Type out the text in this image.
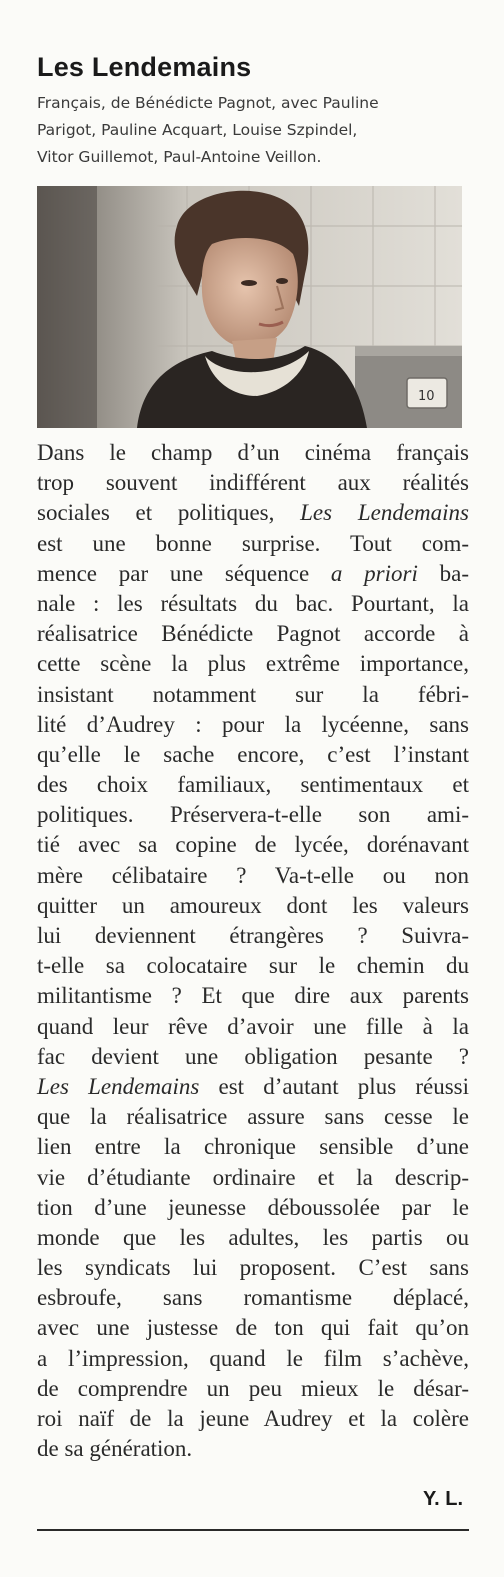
Les Lendemains

Français, de Bénédicte Pagnot, avec Pauline
Parigot, Pauline Acquart, Louise Szpindel,
Vitor Guillemot, Paul-Antoine Veillon.

10
Dans le champ d’un cinéma français
trop souvent indifférent aux réalités
sociales et politiques, Les Lendemains
est une bonne surprise. Tout com-
mence par une séquence a priori ba-
nale : les résultats du bac. Pourtant, la
réalisatrice Bénédicte Pagnot accorde à
cette scène la plus extrême importance,
insistant notamment sur la fébri-
lité d’Audrey : pour la lycéenne, sans
qu’elle le sache encore, c’est l’instant
des choix familiaux, sentimentaux et
politiques. Préservera-t-elle son ami-
tié avec sa copine de lycée, dorénavant
mère célibataire ? Va-t-elle ou non
quitter un amoureux dont les valeurs
lui deviennent étrangères ? Suivra-
t-elle sa colocataire sur le chemin du
militantisme ? Et que dire aux parents
quand leur rêve d’avoir une fille à la
fac devient une obligation pesante ?
Les Lendemains est d’autant plus réussi
que la réalisatrice assure sans cesse le
lien entre la chronique sensible d’une
vie d’étudiante ordinaire et la descrip-
tion d’une jeunesse déboussolée par le
monde que les adultes, les partis ou
les syndicats lui proposent. C’est sans
esbroufe, sans romantisme déplacé,
avec une justesse de ton qui fait qu’on
a l’impression, quand le film s’achève,
de comprendre un peu mieux le désar-
roi naïf de la jeune Audrey et la colère
de sa génération.

Y. L.
